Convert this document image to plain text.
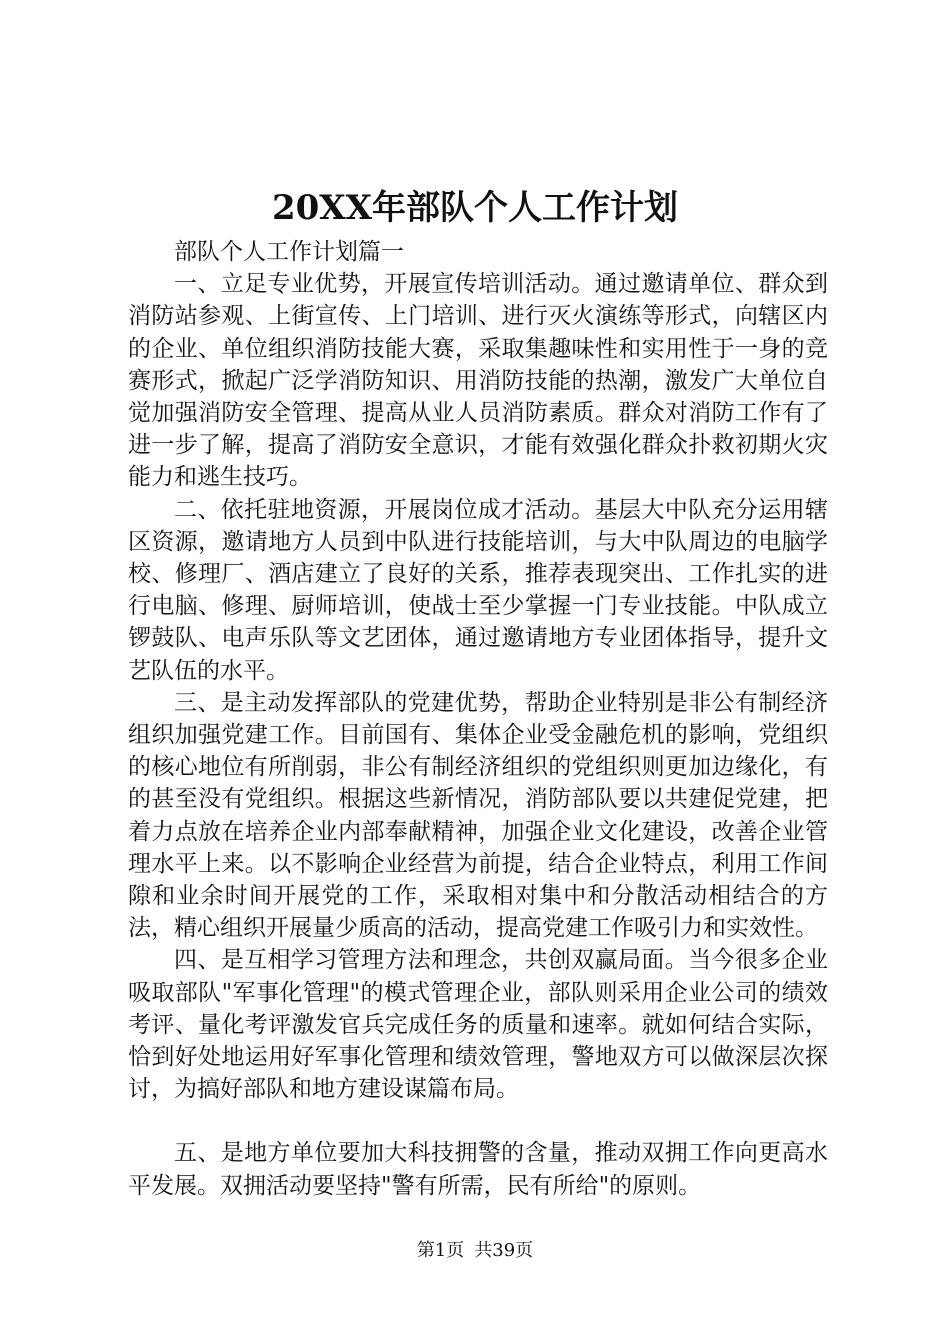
20XX年部队个人工作计划

部队个人工作计划篇一

一、立足专业优势，开展宣传培训活动。通过邀请单位、群众到消防站参观、上街宣传、上门培训、进行灭火演练等形式，向辖区内的企业、单位组织消防技能大赛，采取集趣味性和实用性于一身的竞赛形式，掀起广泛学消防知识、用消防技能的热潮，激发广大单位自觉加强消防安全管理、提高从业人员消防素质。群众对消防工作有了进一步了解，提高了消防安全意识，才能有效强化群众扑救初期火灾能力和逃生技巧。

二、依托驻地资源，开展岗位成才活动。基层大中队充分运用辖区资源，邀请地方人员到中队进行技能培训，与大中队周边的电脑学校、修理厂、酒店建立了良好的关系，推荐表现突出、工作扎实的进行电脑、修理、厨师培训，使战士至少掌握一门专业技能。中队成立锣鼓队、电声乐队等文艺团体，通过邀请地方专业团体指导，提升文艺队伍的水平。

三、是主动发挥部队的党建优势，帮助企业特别是非公有制经济组织加强党建工作。目前国有、集体企业受金融危机的影响，党组织的核心地位有所削弱，非公有制经济组织的党组织则更加边缘化，有的甚至没有党组织。根据这些新情况，消防部队要以共建促党建，把着力点放在培养企业内部奉献精神，加强企业文化建设，改善企业管理水平上来。以不影响企业经营为前提，结合企业特点，利用工作间隙和业余时间开展党的工作，采取相对集中和分散活动相结合的方法，精心组织开展量少质高的活动，提高党建工作吸引力和实效性。

四、是互相学习管理方法和理念，共创双赢局面。当今很多企业吸取部队"军事化管理"的模式管理企业，部队则采用企业公司的绩效考评、量化考评激发官兵完成任务的质量和速率。就如何结合实际，恰到好处地运用好军事化管理和绩效管理，警地双方可以做深层次探讨，为搞好部队和地方建设谋篇布局。

五、是地方单位要加大科技拥警的含量，推动双拥工作向更高水平发展。双拥活动要坚持"警有所需，民有所给"的原则。

第1页 共39页
